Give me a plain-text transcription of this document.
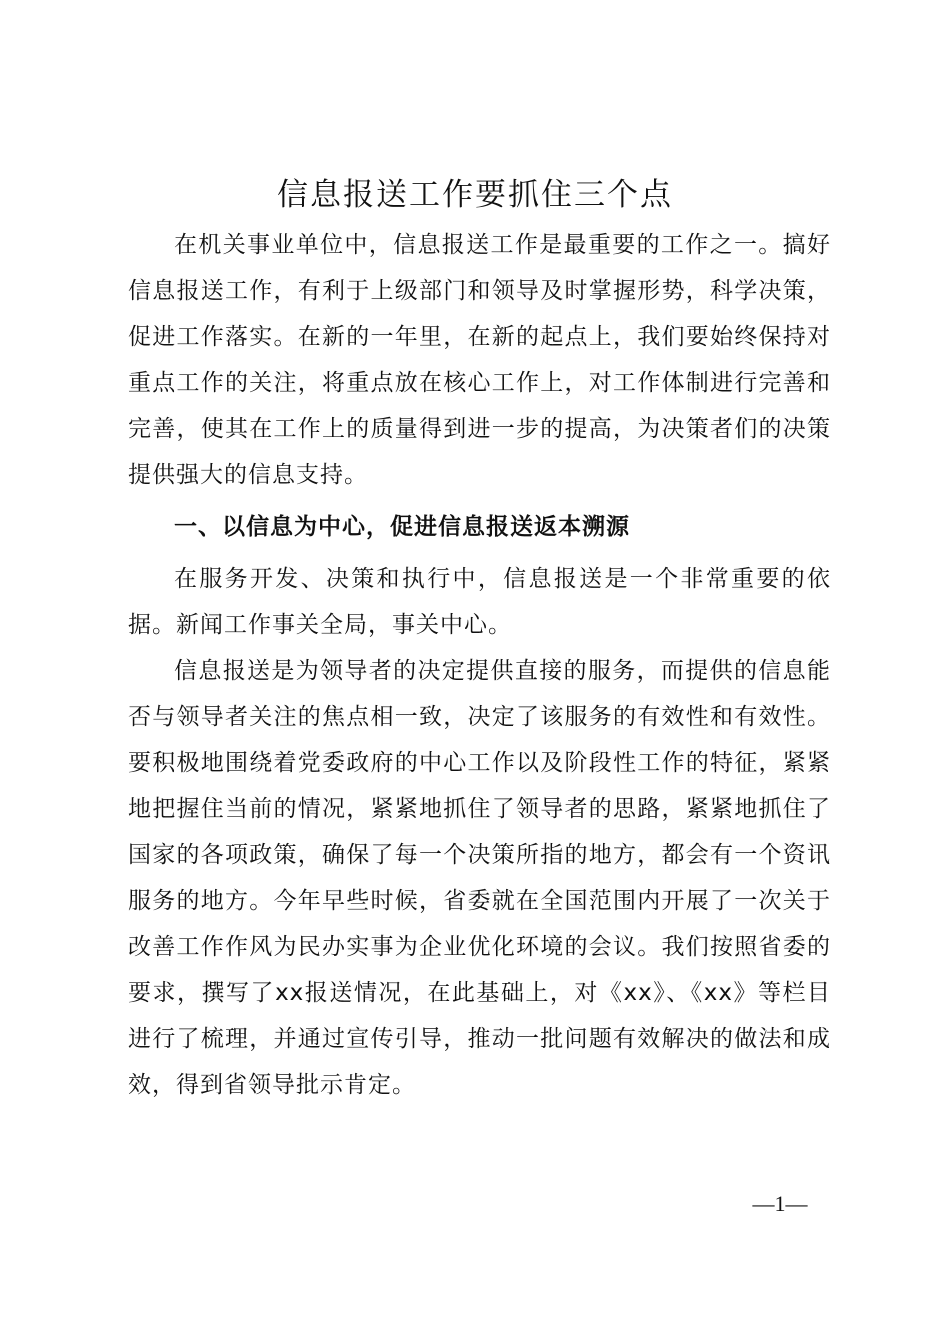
信息报送工作要抓住三个点

在机关事业单位中，信息报送工作是最重要的工作之一。搞好信息报送工作，有利于上级部门和领导及时掌握形势，科学决策，促进工作落实。在新的一年里，在新的起点上，我们要始终保持对重点工作的关注，将重点放在核心工作上，对工作体制进行完善和完善，使其在工作上的质量得到进一步的提高，为决策者们的决策提供强大的信息支持。

一、以信息为中心，促进信息报送返本溯源

在服务开发、决策和执行中，信息报送是一个非常重要的依据。新闻工作事关全局，事关中心。

信息报送是为领导者的决定提供直接的服务，而提供的信息能否与领导者关注的焦点相一致，决定了该服务的有效性和有效性。要积极地围绕着党委政府的中心工作以及阶段性工作的特征，紧紧地把握住当前的情况，紧紧地抓住了领导者的思路，紧紧地抓住了国家的各项政策，确保了每一个决策所指的地方，都会有一个资讯服务的地方。今年早些时候，省委就在全国范围内开展了一次关于改善工作作风为民办实事为企业优化环境的会议。我们按照省委的要求，撰写了xx报送情况，在此基础上，对《xx》、《xx》等栏目进行了梳理，并通过宣传引导，推动一批问题有效解决的做法和成效，得到省领导批示肯定。

—1—
